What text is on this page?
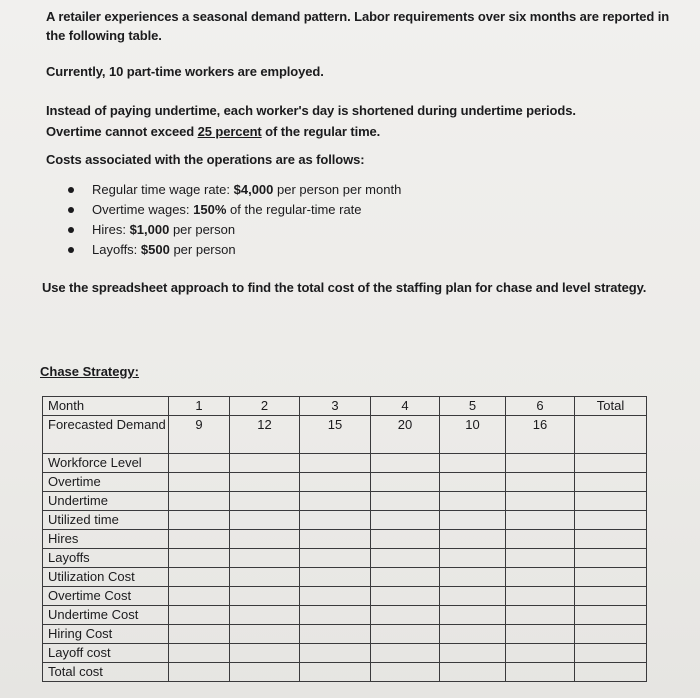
A retailer experiences a seasonal demand pattern. Labor requirements over six months are reported in the following table.

Currently, 10 part-time workers are employed.

Instead of paying undertime, each worker's day is shortened during undertime periods.

Overtime cannot exceed 25 percent of the regular time.

Costs associated with the operations are as follows:

Regular time wage rate: $4,000 per person per month
Overtime wages: 150% of the regular-time rate
Hires: $1,000 per person
Layoffs: $500 per person

Use the spreadsheet approach to find the total cost of the staffing plan for chase and level strategy.

Chase Strategy:
Month	1	2	3	4	5	6	Total
Forecasted Demand	9	12	15	20	10	16	
Workforce Level							
Overtime							
Undertime							
Utilized time							
Hires							
Layoffs							
Utilization Cost							
Overtime Cost							
Undertime Cost							
Hiring Cost							
Layoff cost							
Total cost							
